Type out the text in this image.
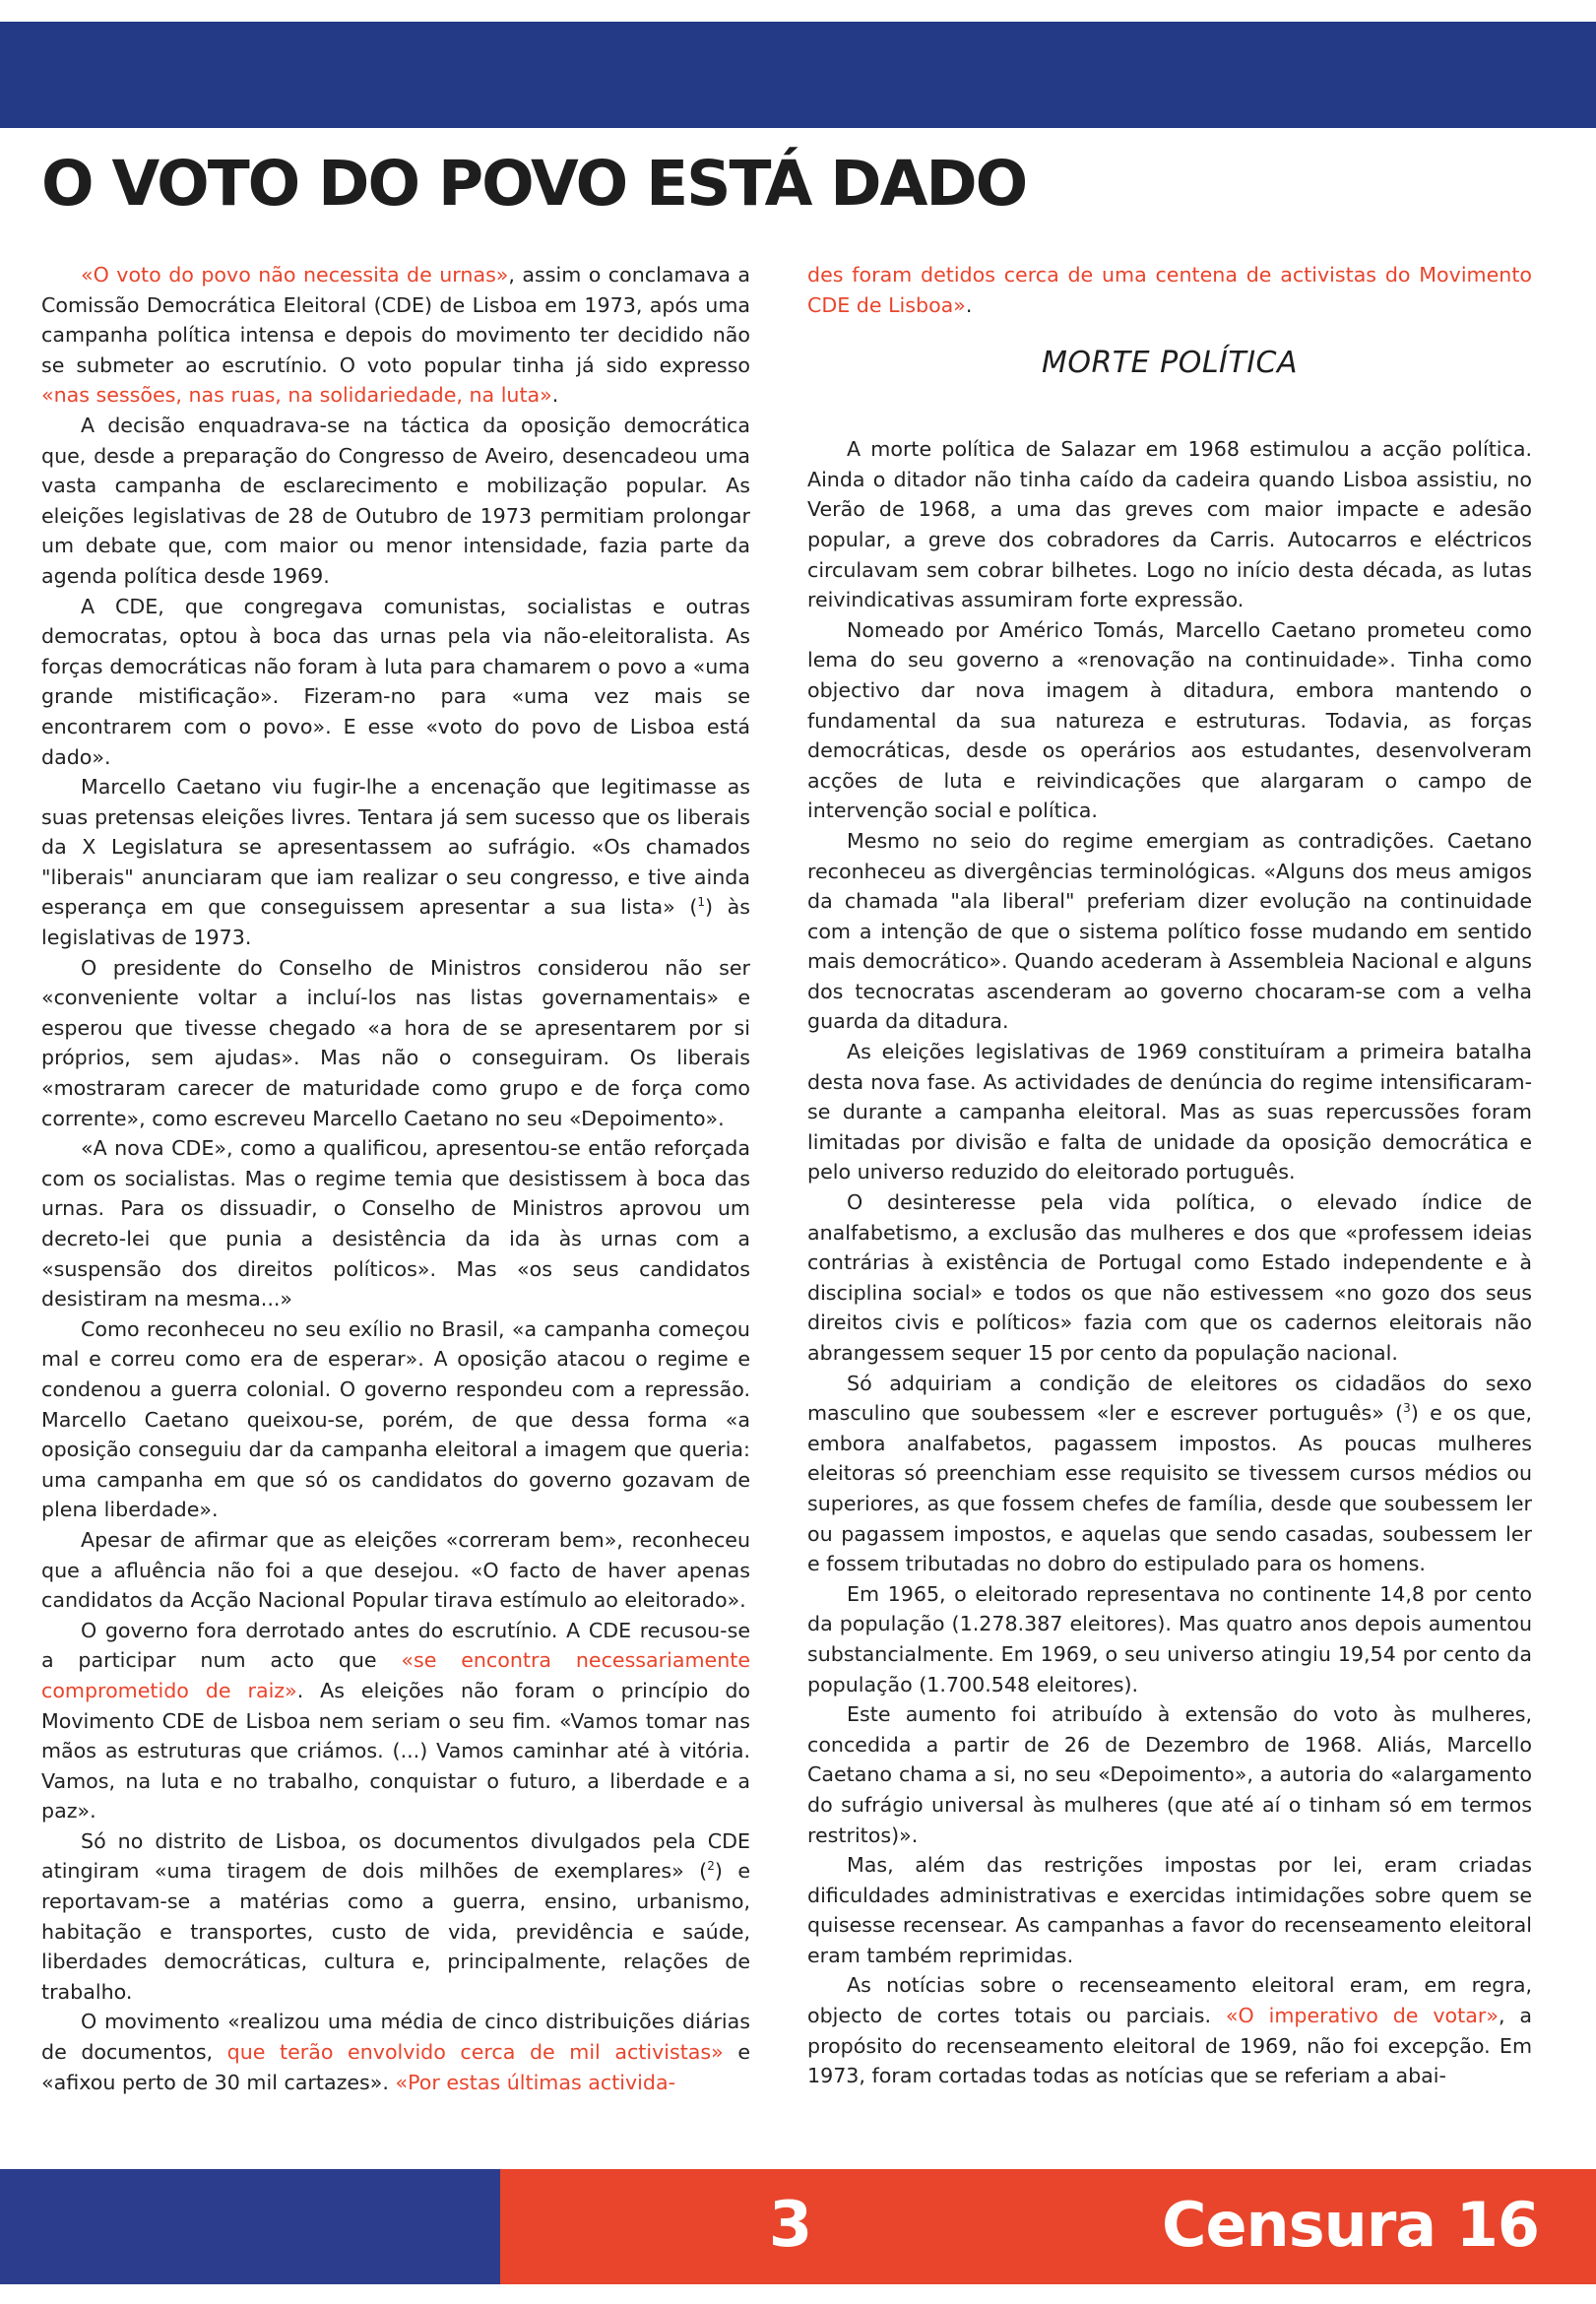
O VOTO DO POVO ESTÁ DADO

«O voto do povo não necessita de urnas», assim o conclamava a Comissão Democrática Eleitoral (CDE) de Lisboa em 1973, após uma campanha política intensa e depois do movimento ter decidido não se submeter ao escrutínio. O voto popular tinha já sido expresso «nas sessões, nas ruas, na solidariedade, na luta».

A decisão enquadrava-se na táctica da oposição democrática que, desde a preparação do Congresso de Aveiro, desencadeou uma vasta campanha de esclarecimento e mobilização popular. As eleições legislativas de 28 de Outubro de 1973 permitiam prolongar um debate que, com maior ou menor intensidade, fazia parte da agenda política desde 1969.

A CDE, que congregava comunistas, socialistas e outras democratas, optou à boca das urnas pela via não-eleitoralista. As forças democráticas não foram à luta para chamarem o povo a «uma grande mistificação». Fizeram-no para «uma vez mais se encontrarem com o povo». E esse «voto do povo de Lisboa está dado».

Marcello Caetano viu fugir-lhe a encenação que legitimasse as suas pretensas eleições livres. Tentara já sem sucesso que os liberais da X Legislatura se apresentassem ao sufrágio. «Os chamados "liberais" anunciaram que iam realizar o seu congresso, e tive ainda esperança em que conseguissem apresentar a sua lista» ($^1$) às legislativas de 1973.

O presidente do Conselho de Ministros considerou não ser «conveniente voltar a incluí-los nas listas governamentais» e esperou que tivesse chegado «a hora de se apresentarem por si próprios, sem ajudas». Mas não o conseguiram. Os liberais «mostraram carecer de maturidade como grupo e de força como corrente», como escreveu Marcello Caetano no seu «Depoimento».

«A nova CDE», como a qualificou, apresentou-se então reforçada com os socialistas. Mas o regime temia que desistissem à boca das urnas. Para os dissuadir, o Conselho de Ministros aprovou um decreto-lei que punia a desistência da ida às urnas com a «suspensão dos direitos políticos». Mas «os seus candidatos desistiram na mesma...»

Como reconheceu no seu exílio no Brasil, «a campanha começou mal e correu como era de esperar». A oposição atacou o regime e condenou a guerra colonial. O governo respondeu com a repressão. Marcello Caetano queixou-se, porém, de que dessa forma «a oposição conseguiu dar da campanha eleitoral a imagem que queria: uma campanha em que só os candidatos do governo gozavam de plena liberdade».

Apesar de afirmar que as eleições «correram bem», reconheceu que a afluência não foi a que desejou. «O facto de haver apenas candidatos da Acção Nacional Popular tirava estímulo ao eleitorado».

O governo fora derrotado antes do escrutínio. A CDE recusou-se a participar num acto que «se encontra necessariamente comprometido de raiz». As eleições não foram o princípio do Movimento CDE de Lisboa nem seriam o seu fim. «Vamos tomar nas mãos as estruturas que criámos. (...) Vamos caminhar até à vitória. Vamos, na luta e no trabalho, conquistar o futuro, a liberdade e a paz».

Só no distrito de Lisboa, os documentos divulgados pela CDE atingiram «uma tiragem de dois milhões de exemplares» ($^2$) e reportavam-se a matérias como a guerra, ensino, urbanismo, habitação e transportes, custo de vida, previdência e saúde, liberdades democráticas, cultura e, principalmente, relações de trabalho.

O movimento «realizou uma média de cinco distribuições diárias de documentos, que terão envolvido cerca de mil activistas» e «afixou perto de 30 mil cartazes». «Por estas últimas activida-

des foram detidos cerca de uma centena de activistas do Movimento CDE de Lisboa».

MORTE POLÍTICA

A morte política de Salazar em 1968 estimulou a acção política. Ainda o ditador não tinha caído da cadeira quando Lisboa assistiu, no Verão de 1968, a uma das greves com maior impacte e adesão popular, a greve dos cobradores da Carris. Autocarros e eléctricos circulavam sem cobrar bilhetes. Logo no início desta década, as lutas reivindicativas assumiram forte expressão.

Nomeado por Américo Tomás, Marcello Caetano prometeu como lema do seu governo a «renovação na continuidade». Tinha como objectivo dar nova imagem à ditadura, embora mantendo o fundamental da sua natureza e estruturas. Todavia, as forças democráticas, desde os operários aos estudantes, desenvolveram acções de luta e reivindicações que alargaram o campo de intervenção social e política.

Mesmo no seio do regime emergiam as contradições. Caetano reconheceu as divergências terminológicas. «Alguns dos meus amigos da chamada "ala liberal" preferiam dizer evolução na continuidade com a intenção de que o sistema político fosse mudando em sentido mais democrático». Quando acederam à Assembleia Nacional e alguns dos tecnocratas ascenderam ao governo chocaram-se com a velha guarda da ditadura.

As eleições legislativas de 1969 constituíram a primeira batalha desta nova fase. As actividades de denúncia do regime intensificaram-se durante a campanha eleitoral. Mas as suas repercussões foram limitadas por divisão e falta de unidade da oposição democrática e pelo universo reduzido do eleitorado português.

O desinteresse pela vida política, o elevado índice de analfabetismo, a exclusão das mulheres e dos que «professem ideias contrárias à existência de Portugal como Estado independente e à disciplina social» e todos os que não estivessem «no gozo dos seus direitos civis e políticos» fazia com que os cadernos eleitorais não abrangessem sequer 15 por cento da população nacional.

Só adquiriam a condição de eleitores os cidadãos do sexo masculino que soubessem «ler e escrever português» ($^3$) e os que, embora analfabetos, pagassem impostos. As poucas mulheres eleitoras só preenchiam esse requisito se tivessem cursos médios ou superiores, as que fossem chefes de família, desde que soubessem ler ou pagassem impostos, e aquelas que sendo casadas, soubessem ler e fossem tributadas no dobro do estipulado para os homens.

Em 1965, o eleitorado representava no continente 14,8 por cento da população (1.278.387 eleitores). Mas quatro anos depois aumentou substancialmente. Em 1969, o seu universo atingiu 19,54 por cento da população (1.700.548 eleitores).

Este aumento foi atribuído à extensão do voto às mulheres, concedida a partir de 26 de Dezembro de 1968. Aliás, Marcello Caetano chama a si, no seu «Depoimento», a autoria do «alargamento do sufrágio universal às mulheres (que até aí o tinham só em termos restritos)».

Mas, além das restrições impostas por lei, eram criadas dificuldades administrativas e exercidas intimidações sobre quem se quisesse recensear. As campanhas a favor do recenseamento eleitoral eram também reprimidas.

As notícias sobre o recenseamento eleitoral eram, em regra, objecto de cortes totais ou parciais. «O imperativo de votar», a propósito do recenseamento eleitoral de 1969, não foi excepção. Em 1973, foram cortadas todas as notícias que se referiam a abai-

3	Censura 16
